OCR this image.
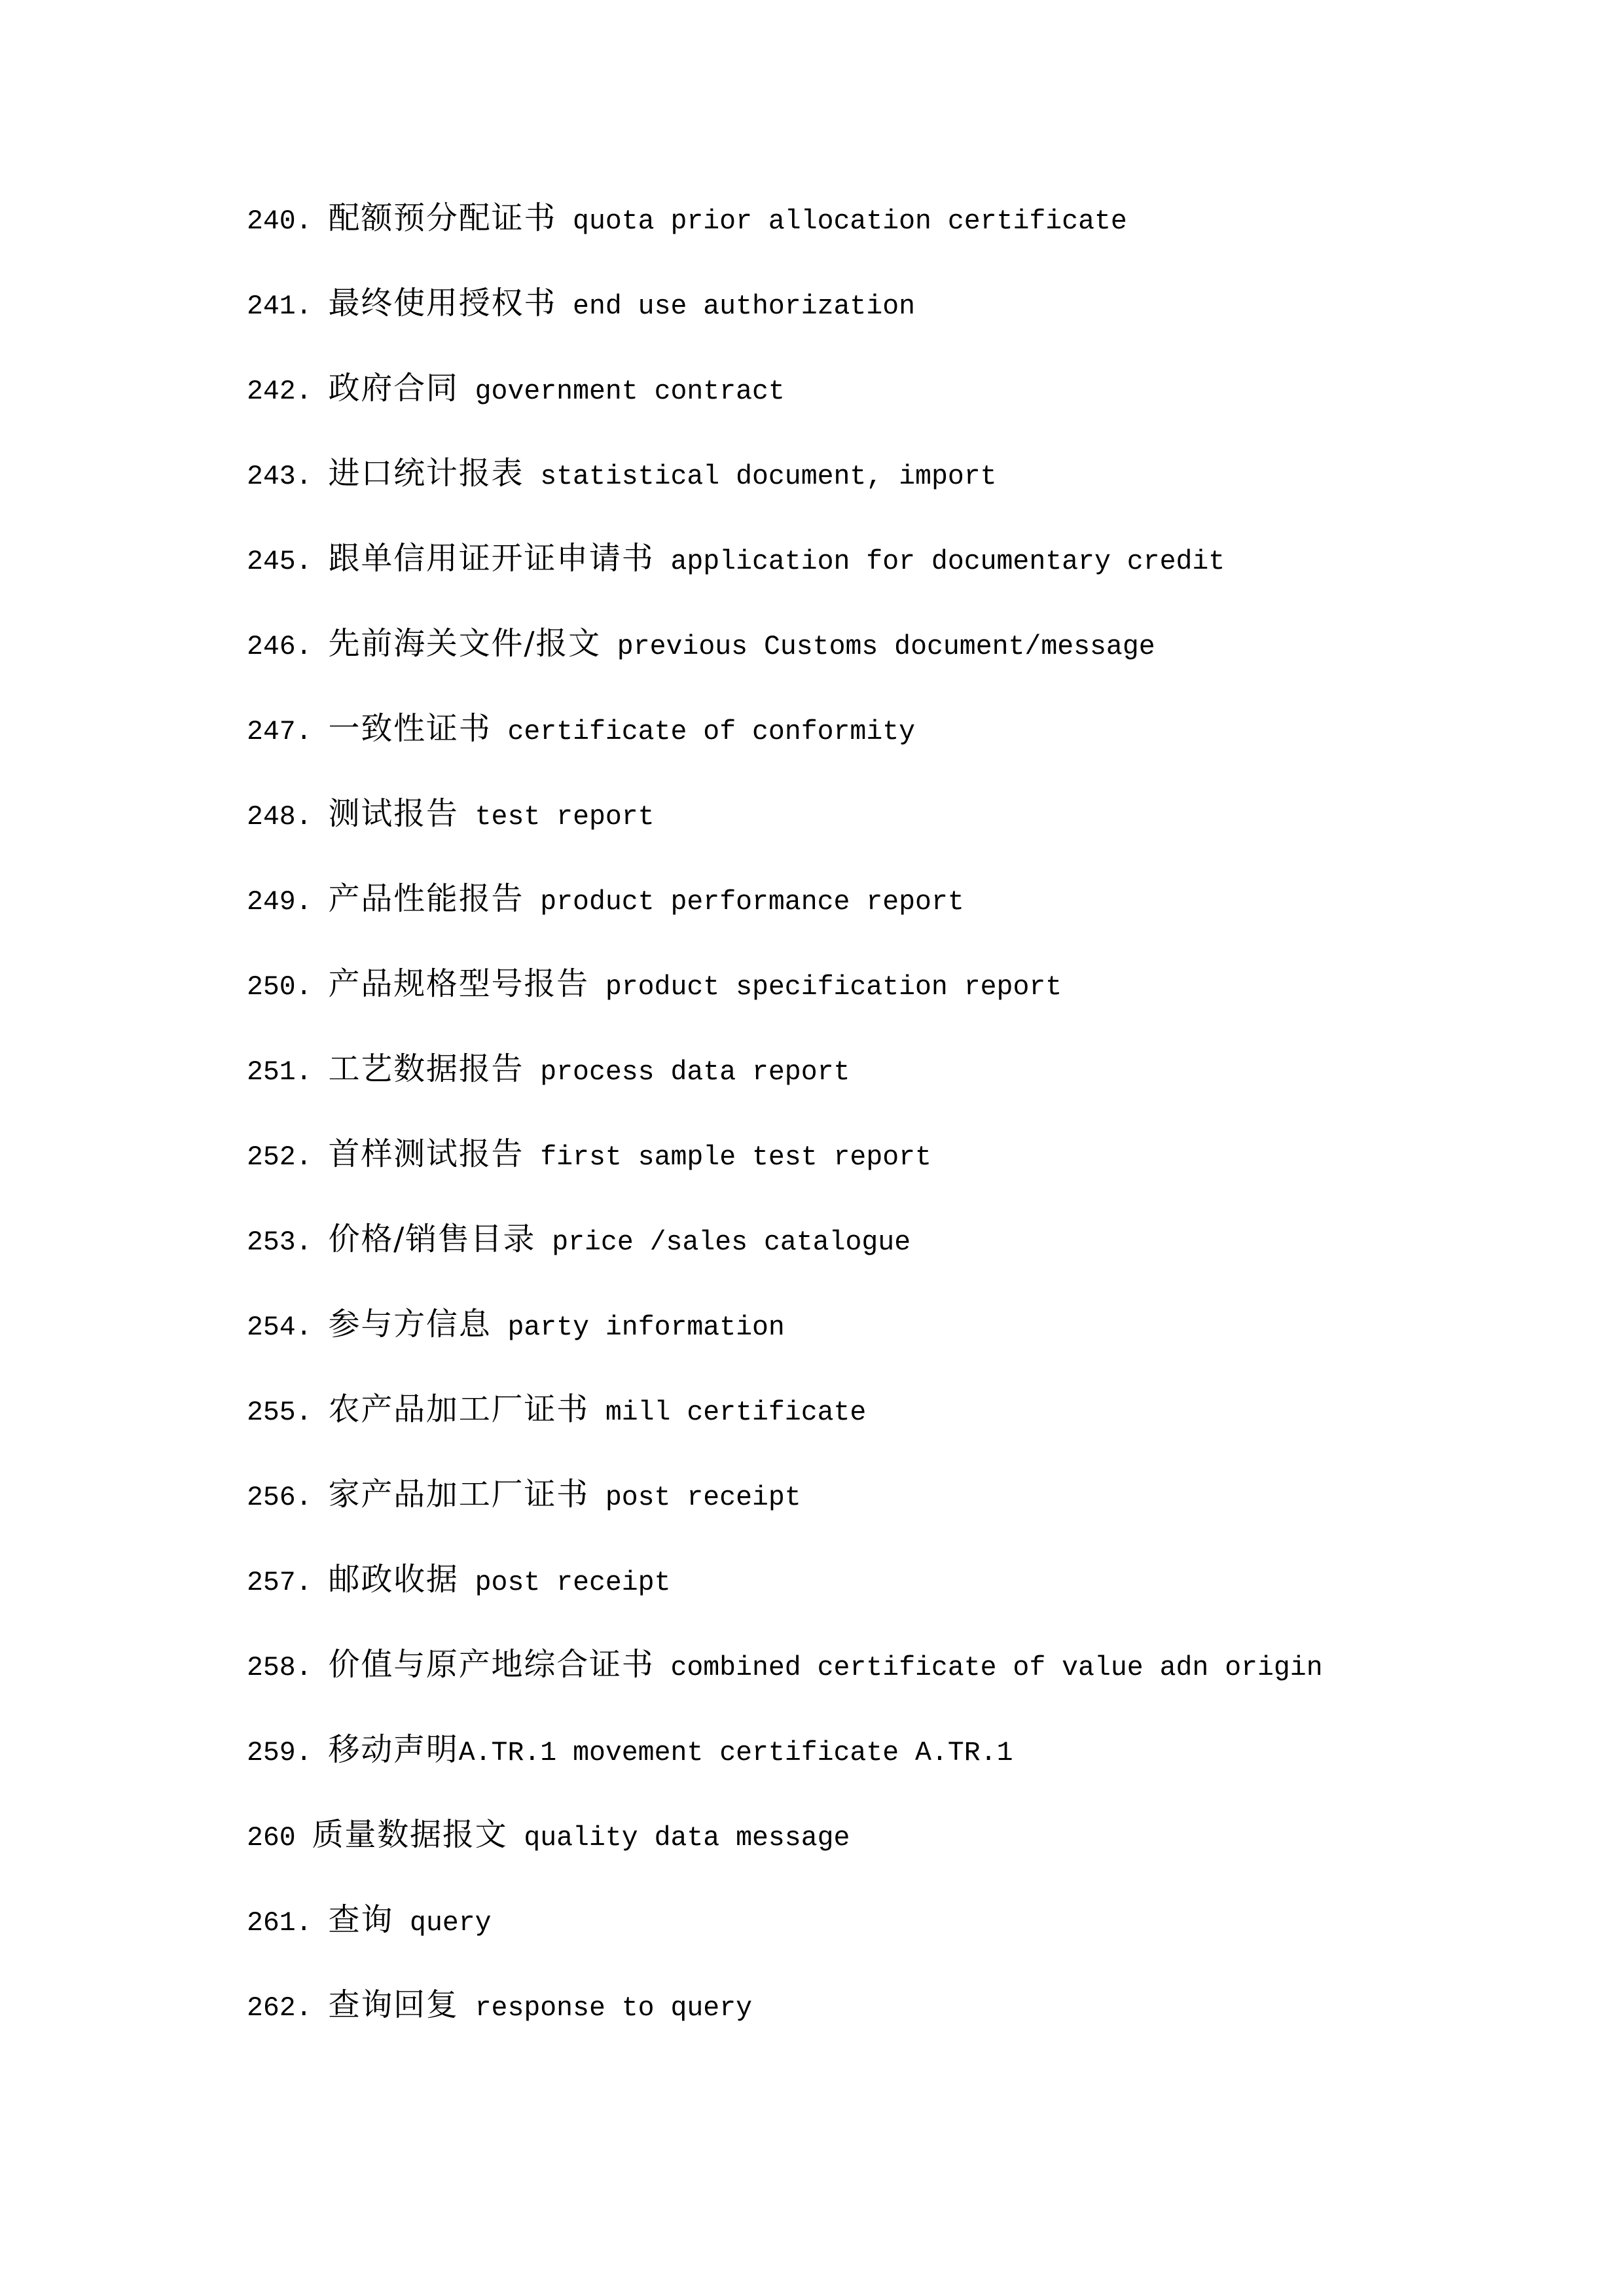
240. 配额预分配证书 quota prior allocation certificate
241. 最终使用授权书 end use authorization
242. 政府合同 government contract
243. 进口统计报表 statistical document, import
245. 跟单信用证开证申请书 application for documentary credit
246. 先前海关文件/报文 previous Customs document/message
247. 一致性证书 certificate of conformity
248. 测试报告 test report
249. 产品性能报告 product performance report
250. 产品规格型号报告 product specification report
251. 工艺数据报告 process data report
252. 首样测试报告 first sample test report
253. 价格/销售目录 price /sales catalogue
254. 参与方信息 party information
255. 农产品加工厂证书 mill certificate
256. 家产品加工厂证书 post receipt
257. 邮政收据 post receipt
258. 价值与原产地综合证书 combined certificate of value adn origin
259. 移动声明A.TR.1 movement certificate A.TR.1
260 质量数据报文 quality data message
261. 查询 query
262. 查询回复 response to query
